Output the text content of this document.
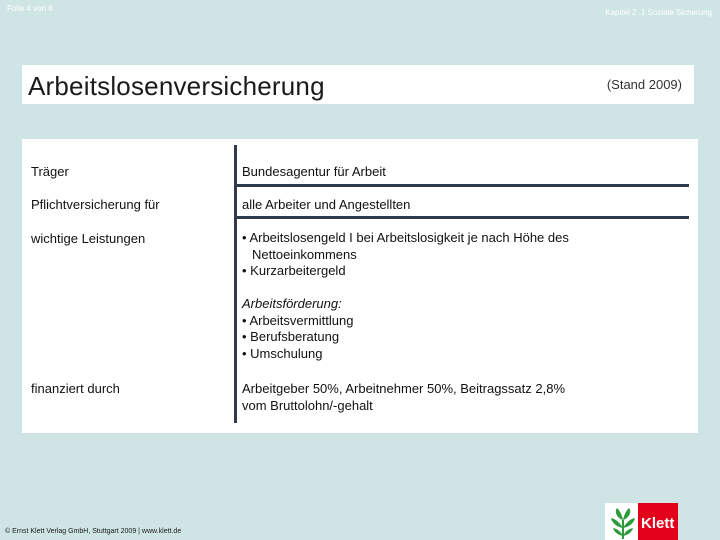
Folie 4 von 6	Kapitel 2 .1 Soziale Sicherung
Arbeitslosenversicherung	(Stand 2009)
Träger	Bundesagentur für Arbeit
Pflichtversicherung für	alle Arbeiter und Angestellten
wichtige Leistungen	• Arbeitslosengeld I bei Arbeitslosigkeit je nach Höhe des
Nettoeinkommens
• Kurzarbeitergeld
Arbeitsförderung:
• Arbeitsvermittlung
• Berufsberatung
• Umschulung
finanziert durch	Arbeitgeber 50%, Arbeitnehmer 50%, Beitragssatz 2,8%
vom Bruttolohn/-gehalt
© Ernst Klett Verlag GmbH, Stuttgart 2009 | www.klett.de	Klett
